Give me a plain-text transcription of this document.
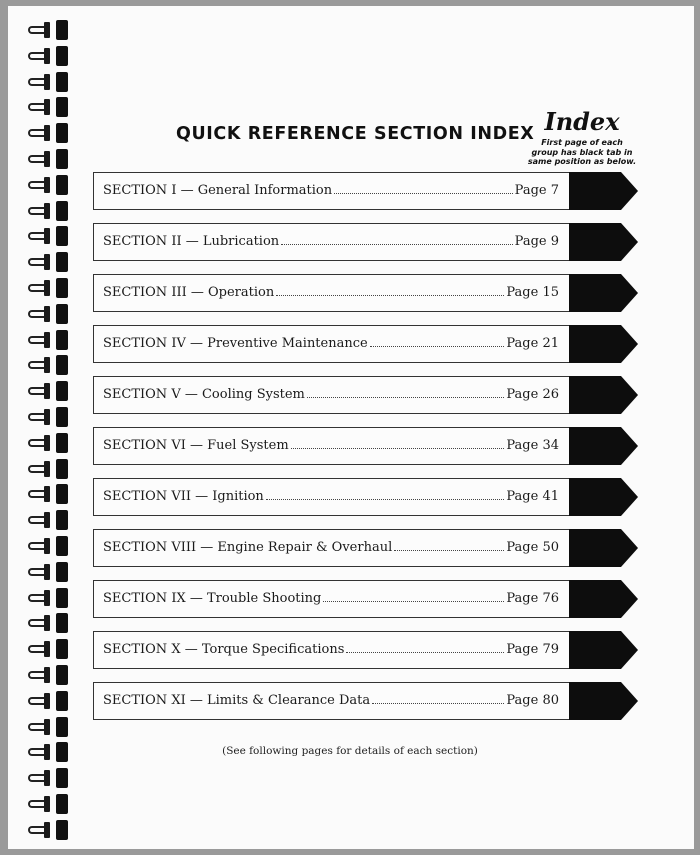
QUICK REFERENCE SECTION INDEX Index
First page of each
group has black tab in
same position as below.
SECTION I — General Information	Page 7
SECTION II — Lubrication	Page 9
SECTION III — Operation	Page 15
SECTION IV — Preventive Maintenance	Page 21
SECTION V — Cooling System	Page 26
SECTION VI — Fuel System	Page 34
SECTION VII — Ignition	Page 41
SECTION VIII — Engine Repair & Overhaul	Page 50
SECTION IX — Trouble Shooting	Page 76
SECTION X — Torque Specifications	Page 79
SECTION XI — Limits & Clearance Data	Page 80
(See following pages for details of each section)
